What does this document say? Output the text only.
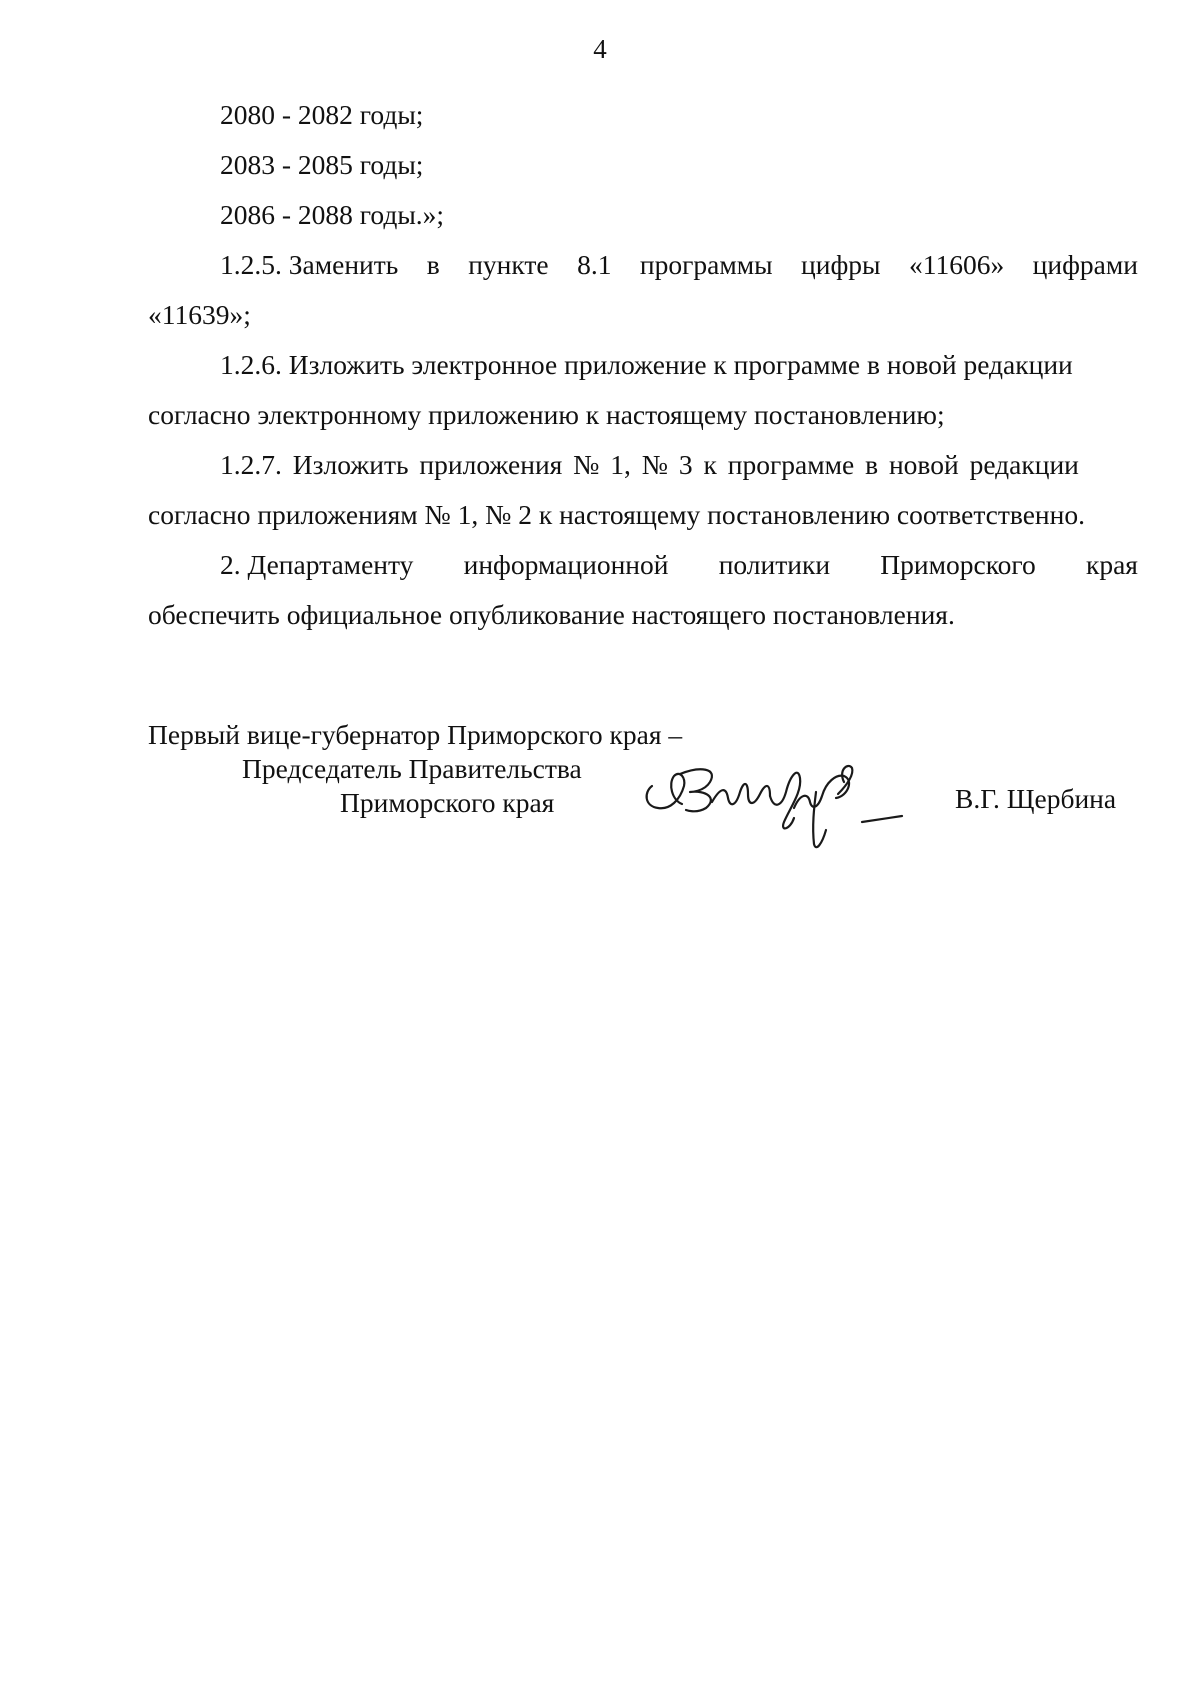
4
2080 - 2082 годы;
2083 - 2085 годы;
2086 - 2088 годы.»;
1.2.5. Заменить в пункте 8.1 программы цифры «11606» цифрами
«11639»;
1.2.6. Изложить электронное приложение к программе в новой редакции
согласно электронному приложению к настоящему постановлению;
1.2.7. Изложить приложения № 1, № 3 к программе в новой редакции
согласно приложениям № 1, № 2 к настоящему постановлению соответственно.
2. Департаменту информационной политики Приморского края
обеспечить официальное опубликование настоящего постановления.
Первый вице-губернатор Приморского края –
Председатель Правительства
Приморского края	В.Г. Щербина
